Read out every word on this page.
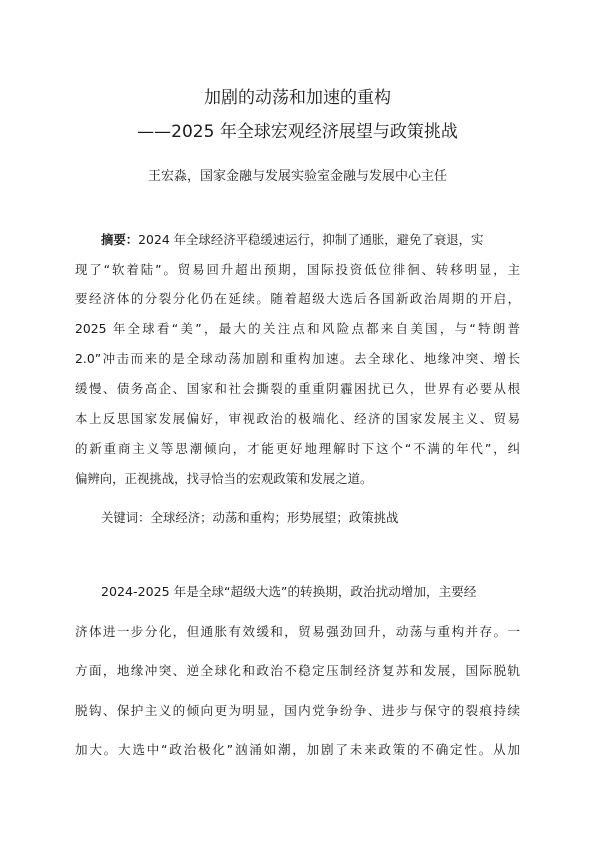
加剧的动荡和加速的重构
——2025 年全球宏观经济展望与政策挑战

王宏淼，国家金融与发展实验室金融与发展中心主任

摘要：2024 年全球经济平稳缓速运行，抑制了通胀，避免了衰退，实

现了“软着陆”。贸易回升超出预期，国际投资低位徘徊、转移明显，主

要经济体的分裂分化仍在延续。随着超级大选后各国新政治周期的开启，

2025 年全球看“美”，最大的关注点和风险点都来自美国，与“特朗普

2.0”冲击而来的是全球动荡加剧和重构加速。去全球化、地缘冲突、增长

缓慢、债务高企、国家和社会撕裂的重重阴霾困扰已久，世界有必要从根

本上反思国家发展偏好，审视政治的极端化、经济的国家发展主义、贸易

的新重商主义等思潮倾向，才能更好地理解时下这个“不满的年代”，纠

偏辨向，正视挑战，找寻恰当的宏观政策和发展之道。

关键词：全球经济；动荡和重构；形势展望；政策挑战

2024-2025 年是全球“超级大选”的转换期，政治扰动增加，主要经

济体进一步分化，但通胀有效缓和，贸易强劲回升，动荡与重构并存。一

方面，地缘冲突、逆全球化和政治不稳定压制经济复苏和发展，国际脱轨

脱钩、保护主义的倾向更为明显，国内党争纷争、进步与保守的裂痕持续

加大。大选中“政治极化”汹涌如潮，加剧了未来政策的不确定性。从加
